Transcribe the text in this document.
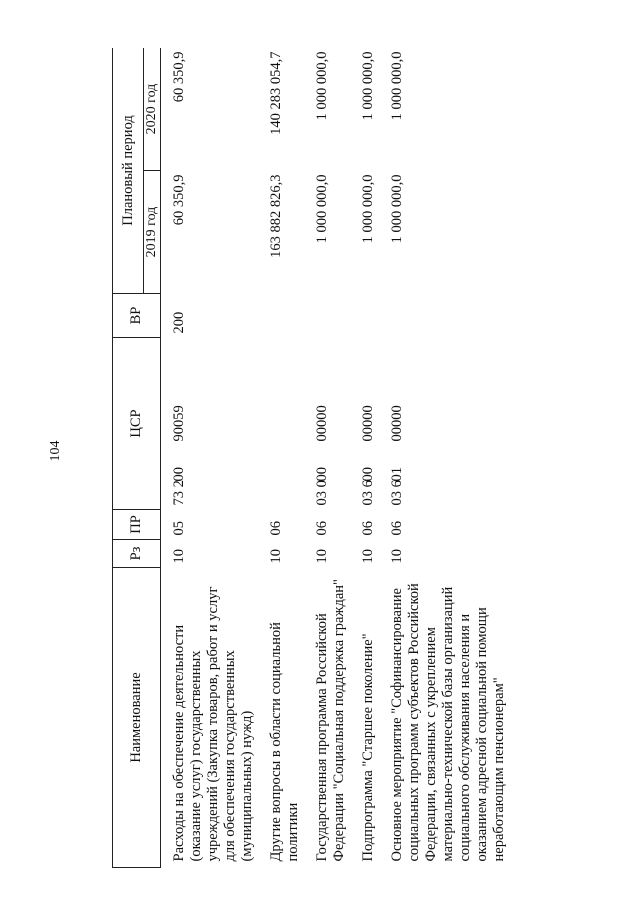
104
Наименование	Рз	ПР	ЦСР	ВР	Плановый период	
					2019 год	2020 год
Расходы на обеспечение деятельности (оказание услуг) государственных учреждений (Закупка товаров, работ и услуг для обеспечения государственных (муниципальных) нужд)	10	05	73 20090059	200	60 350,9	60 350,9
Другие вопросы в области социальной политики	10	06			163 882 826,3	140 283 054,7
Государственная программа Российской Федерации "Социальная поддержка граждан"	10	06	03 00000000		1 000 000,0	1 000 000,0
Подпрограмма "Старшее поколение"	10	06	03 60000000		1 000 000,0	1 000 000,0
Основное мероприятие "Софинансирование социальных программ субъектов Российской Федерации, связанных с укреплением материально-технической базы организаций социального обслуживания населения и оказанием адресной социальной помощи неработающим пенсионерам"	10	06	03 60100000		1 000 000,0	1 000 000,0
